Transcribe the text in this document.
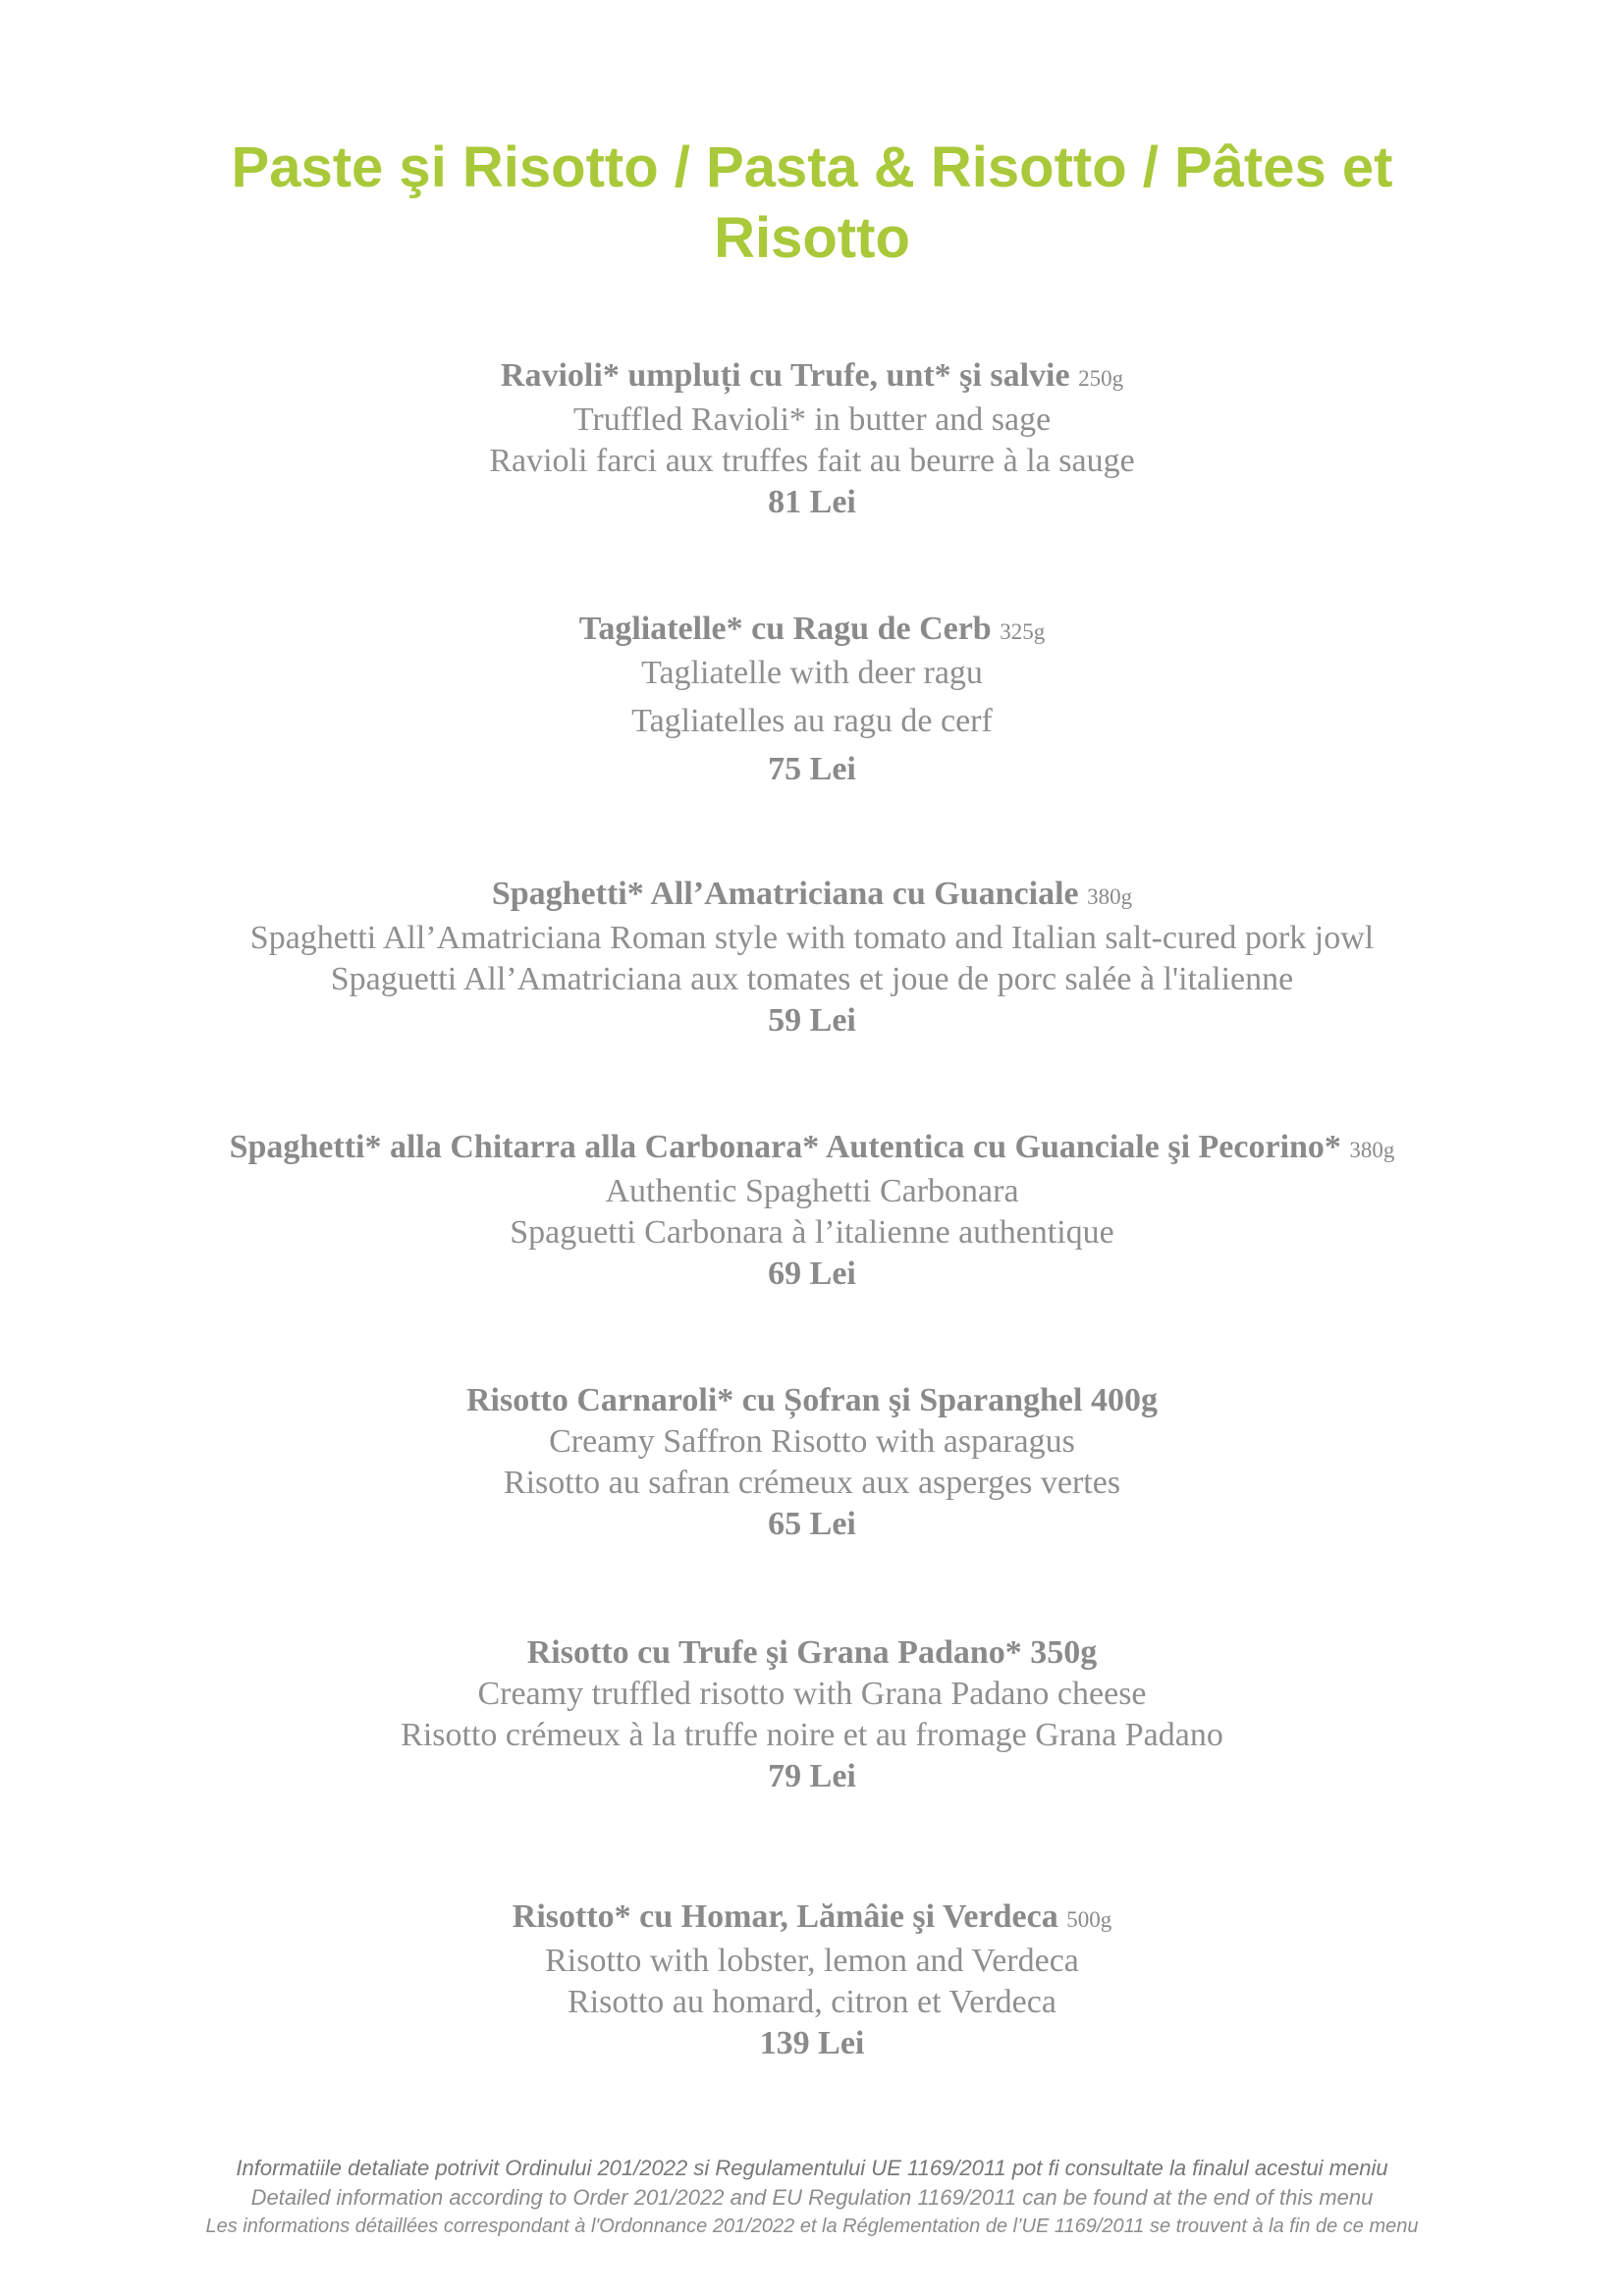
Paste şi Risotto / Pasta & Risotto / Pâtes et
Risotto
Ravioli* umpluți cu Trufe, unt* şi salvie 250g
Truffled Ravioli* in butter and sage
Ravioli farci aux truffes fait au beurre à la sauge
81 Lei
Tagliatelle* cu Ragu de Cerb 325g
Tagliatelle with deer ragu
Tagliatelles au ragu de cerf
75 Lei
Spaghetti* All’Amatriciana cu Guanciale 380g
Spaghetti All’Amatriciana Roman style with tomato and Italian salt-cured pork jowl
Spaguetti All’Amatriciana aux tomates et joue de porc salée à l'italienne
59 Lei
Spaghetti* alla Chitarra alla Carbonara* Autentica cu Guanciale şi Pecorino* 380g
Authentic Spaghetti Carbonara
Spaguetti Carbonara à l’italienne authentique
69 Lei
Risotto Carnaroli* cu Șofran şi Sparanghel 400g
Creamy Saffron Risotto with asparagus
Risotto au safran crémeux aux asperges vertes
65 Lei
Risotto cu Trufe şi Grana Padano* 350g
Creamy truffled risotto with Grana Padano cheese
Risotto crémeux à la truffe noire et au fromage Grana Padano
79 Lei
Risotto* cu Homar, Lămâie şi Verdeca 500g
Risotto with lobster, lemon and Verdeca
Risotto au homard, citron et Verdeca
139 Lei
Informatiile detaliate potrivit Ordinului 201/2022 si Regulamentului UE 1169/2011 pot fi consultate la finalul acestui meniu
Detailed information according to Order 201/2022 and EU Regulation 1169/2011 can be found at the end of this menu
Les informations détaillées correspondant à l'Ordonnance 201/2022 et la Réglementation de l’UE 1169/2011 se trouvent à la fin de ce menu
